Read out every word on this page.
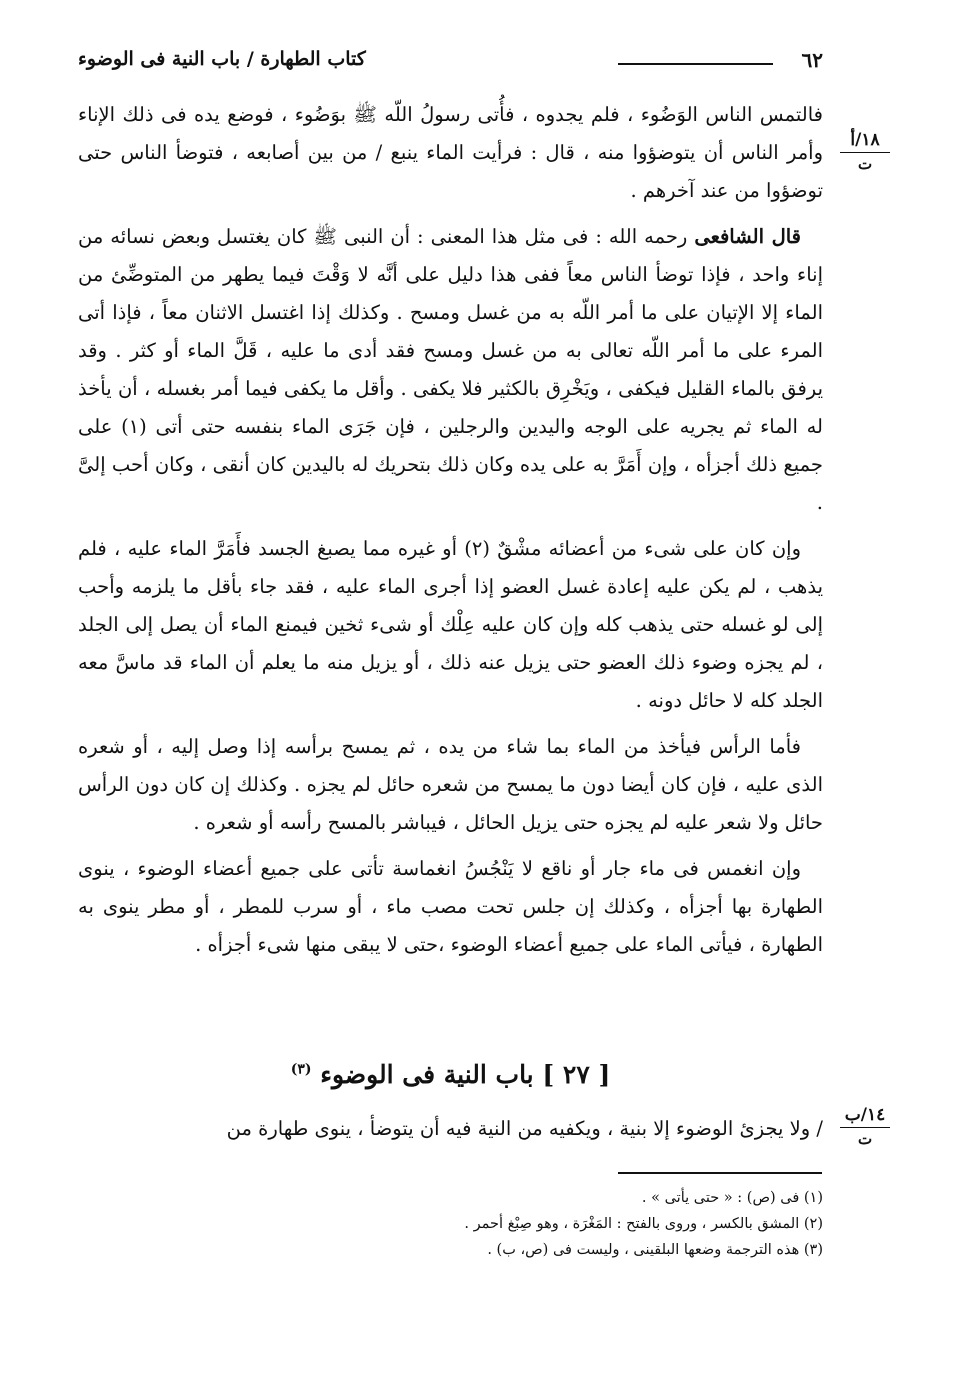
٦٢
كتاب الطهارة / باب النية فى الوضوء
١٨/أ
ت

فالتمس الناس الوَضُوء ، فلم يجدوه ، فأُتى رسولُ اللّه ﷺ بوَضُوء ، فوضع يده فى ذلك الإناء وأمر الناس أن يتوضؤوا منه ، قال : فرأيت الماء ينبع / من بين أصابعه ، فتوضأ الناس حتى توضؤوا من عند آخرهم .

قال الشافعى رحمه الله : فى مثل هذا المعنى : أن النبى ﷺ كان يغتسل وبعض نسائه من إناء واحد ، فإذا توضأ الناس معاً ففى هذا دليل على أنَّه لا وَقْتَ فيما يطهر من المتوضِّئ من الماء إلا الإتيان على ما أمر اللّه به من غسل ومسح . وكذلك إذا اغتسل الاثنان معاً ، فإذا أتى المرء على ما أمر اللّه تعالى به من غسل ومسح فقد أدى ما عليه ، قَلَّ الماء أو كثر . وقد يرفق بالماء القليل فيكفى ، ويَخْرِق بالكثير فلا يكفى . وأقل ما يكفى فيما أمر بغسله ، أن يأخذ له الماء ثم يجريه على الوجه واليدين والرجلين ، فإن جَرَى الماء بنفسه حتى أتى (١) على جميع ذلك أجزأه ، وإن أَمَرَّ به على يده وكان ذلك بتحريك له باليدين كان أنقى ، وكان أحب إلىَّ .

وإن كان على شىء من أعضائه مشْقٌ (٢) أو غيره مما يصبغ الجسد فأَمَرَّ الماء عليه ، فلم يذهب ، لم يكن عليه إعادة غسل العضو إذا أجرى الماء عليه ، فقد جاء بأقل ما يلزمه وأحب إلى لو غسله حتى يذهب كله وإن كان عليه عِلْك أو شىء ثخين فيمنع الماء أن يصل إلى الجلد ، لم يجزه وضوء ذلك العضو حتى يزيل عنه ذلك ، أو يزيل منه ما يعلم أن الماء قد ماسَّ معه الجلد كله لا حائل دونه .

فأما الرأس فيأخذ من الماء بما شاء من يده ، ثم يمسح برأسه إذا وصل إليه ، أو شعره الذى عليه ، فإن كان أيضا دون ما يمسح من شعره حائل لم يجزه . وكذلك إن كان دون الرأس حائل ولا شعر عليه لم يجزه حتى يزيل الحائل ، فيباشر بالمسح رأسه أو شعره .

وإن انغمس فى ماء جار أو ناقع لا يَنْجُسُ انغماسة تأتى على جميع أعضاء الوضوء ، ينوى الطهارة بها أجزأه ، وكذلك إن جلس تحت مصب ماء ، أو سرب للمطر ، أو مطر ينوى به الطهارة ، فيأتى الماء على جميع أعضاء الوضوء ،حتى لا يبقى منها شىء أجزأه .

[ ٢٧ ] باب النية فى الوضوء $^{(٣)}$
١٤/ب
ت

/ ولا يجزئ الوضوء إلا بنية ، ويكفيه من النية فيه أن يتوضأ ، ينوى طهارة من

(١) فى (ص) : « حتى يأتى » .
(٢) المشق بالكسر ، وروى بالفتح : المَغْرَة ، وهو صِبْغ أحمر .
(٣) هذه الترجمة وضعها البلقينى ، وليست فى (ص، ب) .
